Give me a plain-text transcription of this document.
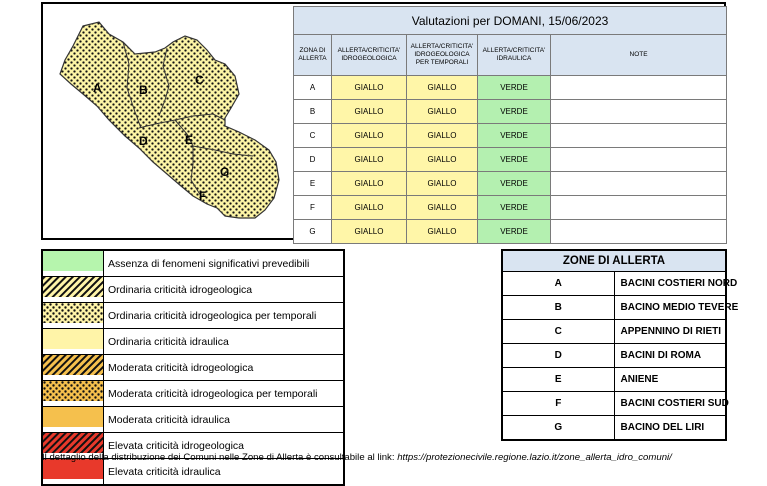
A	B
C
D	E
G
F
Valutazioni per DOMANI, 15/06/2023				
ZONA DI ALLERTA	ALLERTA/CRITICITA' IDROGEOLOGICA	ALLERTA/CRITICITA' IDROGEOLOGICA PER TEMPORALI	ALLERTA/CRITICITA' IDRAULICA	NOTE
A	GIALLO	GIALLO	VERDE	
B	GIALLO	GIALLO	VERDE	
C	GIALLO	GIALLO	VERDE	
D	GIALLO	GIALLO	VERDE	
E	GIALLO	GIALLO	VERDE	
F	GIALLO	GIALLO	VERDE	
G	GIALLO	GIALLO	VERDE	
	Assenza di fenomeni significativi prevedibili
	Ordinaria criticità idrogeologica
	Ordinaria criticità idrogeologica per temporali
	Ordinaria criticità idraulica
	Moderata criticità idrogeologica
	Moderata criticità idrogeologica per temporali
	Moderata criticità idraulica
	Elevata criticità idrogeologica
	Elevata criticità idraulica
ZONE DI ALLERTA	
A	BACINI COSTIERI NORD
B	BACINO MEDIO TEVERE
C	APPENNINO DI RIETI
D	BACINI DI ROMA
E	ANIENE
F	BACINI COSTIERI SUD
G	BACINO DEL LIRI
Il dettaglio della distribuzione dei Comuni nelle Zone di Allerta è consultabile al link: https://protezionecivile.regione.lazio.it/zone_allerta_idro_comuni/
